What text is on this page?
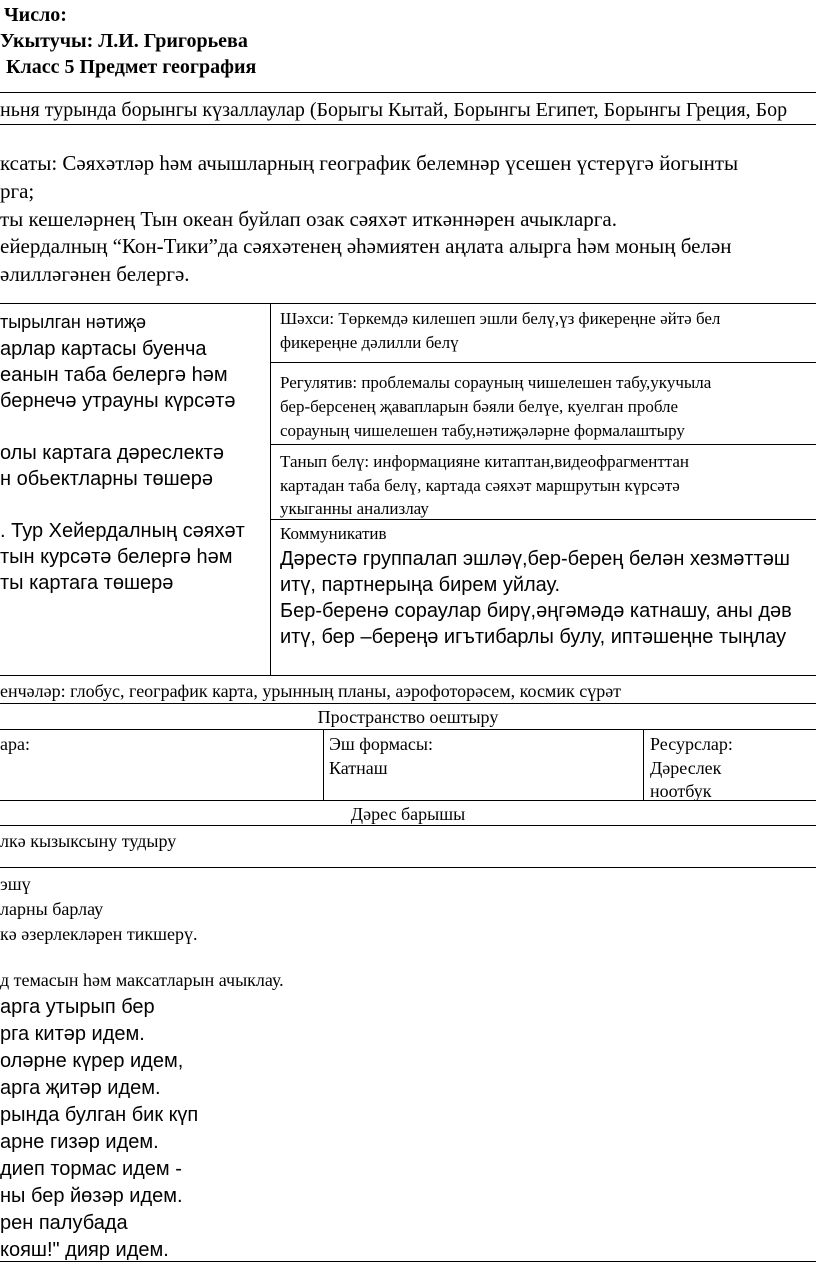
Число:
Укытучы: Л.И. Григорьева
Класс 5 Предмет география
ньня турында борынгы күзаллаулар (Борыгы Кытай, Борынгы Египет, Борынгы Греция, Бор
ксаты: Сәяхәтләр һәм ачышларның географик белемнәр үсешен үстерүгә йогынты
рга;
ты кешеләрнең Тын океан буйлап озак сәяхәт иткәннәрен ачыкларга.
ейердалның “Кон-Тики”да сәяхәтенең әһәмиятен аңлата алырга һәм моның белән
әлилләгәнен белергә.
тырылган нәтиҗә
арлар картасы буенча
еанын таба белергә һәм
бернечә утрауны күрсәтә
олы картага дәреслектә
н обьектларны төшерә
. Тур Хейердалның сәяхәт
тын курсәтә белергә һәм
ты картага төшерә
Шәхси: Төркемдә килешеп эшли белү,үз фикереңне әйтә бел
фикереңне дәлилли белү
Регулятив: проблемалы сорауның чишелешен табу,укучыла
бер-берсенең җавапларын бәяли белүе, куелган пробле
сорауның чишелешен табу,нәтиҗәләрне формалаштыру
Танып белү: информацияне китаптан,видеофрагменттан
картадан таба белү, картада сәяхәт маршрутын күрсәтә
укыганны анализлау
Коммуникатив
Дәрестә группалап эшләү,бер-берең белән хезмәттәш
итү, партнерыңа бирем уйлау.
Бер-беренә сораулар бирү,әңгәмәдә катнашу, аны дәв
итү, бер –береңә игътибарлы булу, иптәшеңне тыңлау
енчәләр: глобус, географик карта, урынның планы, аэрофоторәсем, космик сүрәт
Пространство оештыру
ара:	Эш формасы:
Катнаш
Ресурслар:
Дәреслек
ноотбук
Дәрес барышы
лкә кызыксыну тудыру
эшү
ларны барлау
кә әзерлекләрен тикшерү.
д темасын һәм максатларын ачыклау.
арга утырып бер
рга китәр идем.
оләрне күрер идем,
арга җитәр идем.
рында булган бик күп
арне гизәр идем.
диеп тормас идем -
ны бер йөзәр идем.
рен палубада
кояш!" дияр идем.
